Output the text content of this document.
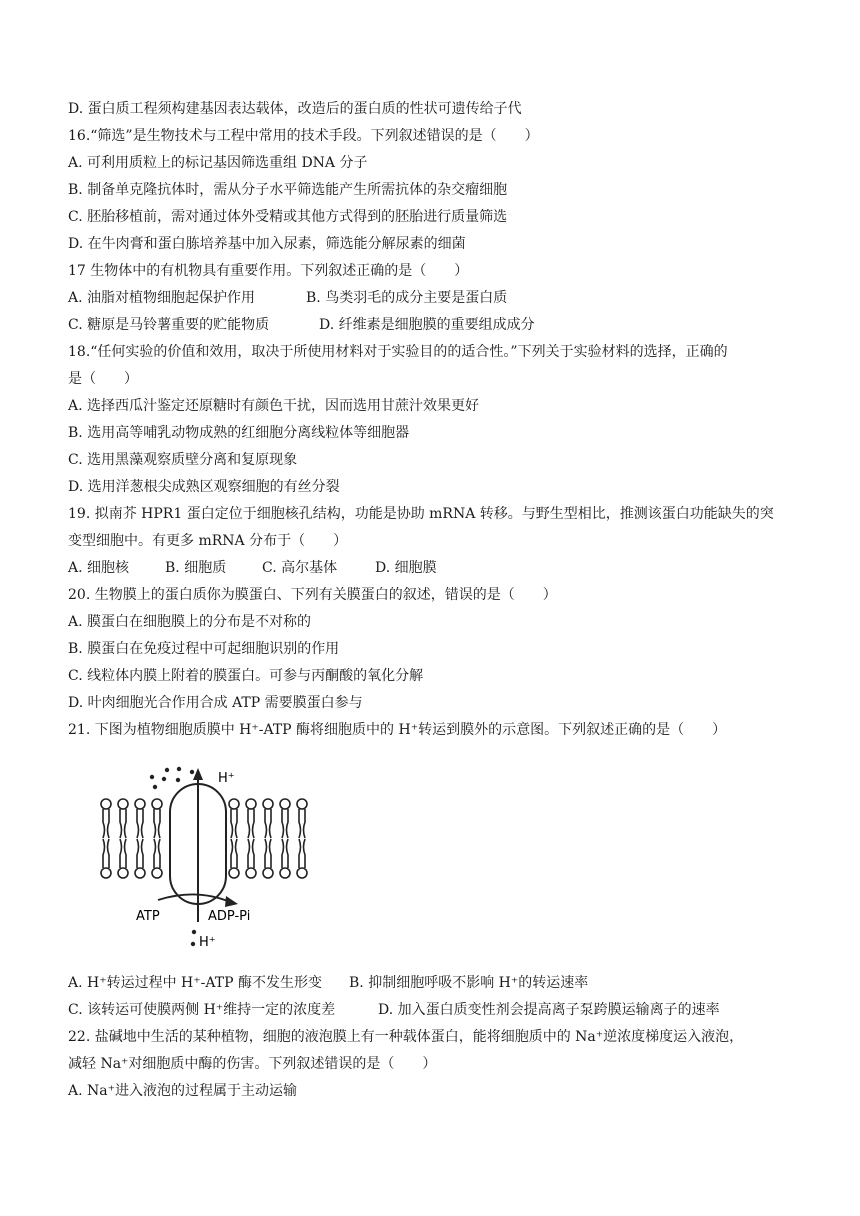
D. 蛋白质工程须构建基因表达载体，改造后的蛋白质的性状可遗传给子代
16.“筛选”是生物技术与工程中常用的技术手段。下列叙述错误的是（　　）
A. 可利用质粒上的标记基因筛选重组 DNA 分子
B. 制备单克隆抗体时，需从分子水平筛选能产生所需抗体的杂交瘤细胞
C. 胚胎移植前，需对通过体外受精或其他方式得到的胚胎进行质量筛选
D. 在牛肉膏和蛋白胨培养基中加入尿素，筛选能分解尿素的细菌
17 生物体中的有机物具有重要作用。下列叙述正确的是（　　）
A. 油脂对植物细胞起保护作用	B. 鸟类羽毛的成分主要是蛋白质
C. 糖原是马铃薯重要的贮能物质	D. 纤维素是细胞膜的重要组成成分
18.“任何实验的价值和效用，取决于所使用材料对于实验目的的适合性。”下列关于实验材料的选择，正确的
是（　　）
A. 选择西瓜汁鉴定还原糖时有颜色干扰，因而选用甘蔗汁效果更好
B. 选用高等哺乳动物成熟的红细胞分离线粒体等细胞器
C. 选用黑藻观察质壁分离和复原现象
D. 选用洋葱根尖成熟区观察细胞的有丝分裂
19. 拟南芥 HPR1 蛋白定位于细胞核孔结构，功能是协助 mRNA 转移。与野生型相比，推测该蛋白功能缺失的突
变型细胞中。有更多 mRNA 分布于（　　）
A. 细胞核	B. 细胞质	C. 高尔基体	D. 细胞膜
20. 生物膜上的蛋白质你为膜蛋白、下列有关膜蛋白的叙述，错误的是（　　）
A. 膜蛋白在细胞膜上的分布是不对称的
B. 膜蛋白在免疫过程中可起细胞识别的作用
C. 线粒体内膜上附着的膜蛋白。可参与丙酮酸的氧化分解
D. 叶肉细胞光合作用合成 ATP 需要膜蛋白参与
21. 下图为植物细胞质膜中 H⁺-ATP 酶将细胞质中的 H⁺转运到膜外的示意图。下列叙述正确的是（　　）
H⁺
ATP	ADP-Pi
H⁺
A. H⁺转运过程中 H⁺-ATP 酶不发生形变 B. 抑制细胞呼吸不影响 H⁺的转运速率
C. 该转运可使膜两侧 H⁺维持一定的浓度差	D. 加入蛋白质变性剂会提高离子泵跨膜运输离子的速率
22. 盐碱地中生活的某种植物，细胞的液泡膜上有一种载体蛋白，能将细胞质中的 Na⁺逆浓度梯度运入液泡，
减轻 Na⁺对细胞质中酶的伤害。下列叙述错误的是（　　）
A. Na⁺进入液泡的过程属于主动运输
